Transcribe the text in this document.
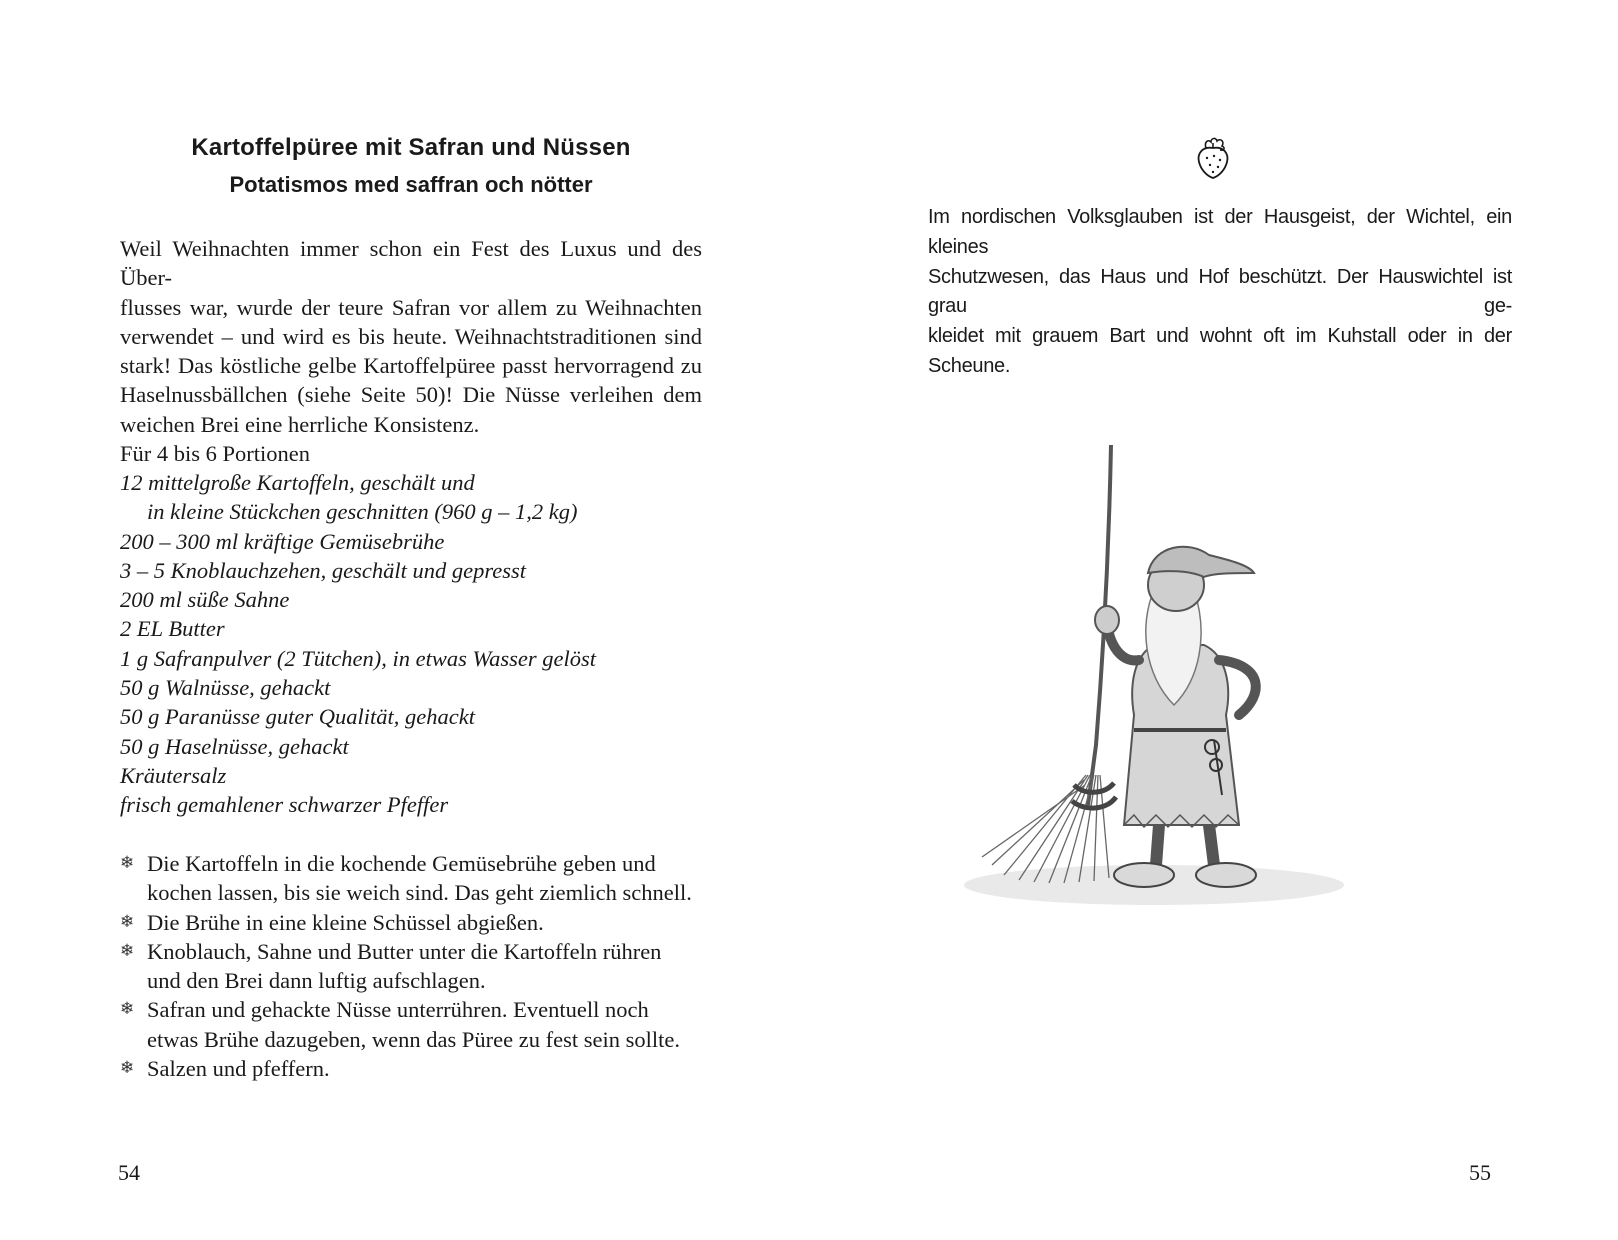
Kartoffelpüree mit Safran und Nüssen
Potatismos med saffran och nötter

Weil Weihnachten immer schon ein Fest des Luxus und des Über-
flusses war, wurde der teure Safran vor allem zu Weihnachten
verwendet – und wird es bis heute. Weihnachtstraditionen sind
stark! Das köstliche gelbe Kartoffelpüree passt hervorragend zu
Haselnussbällchen (siehe Seite 50)! Die Nüsse verleihen dem
weichen Brei eine herrliche Konsistenz.

Für 4 bis 6 Portionen

12 mittelgroße Kartoffeln, geschält und
in kleine Stückchen geschnitten (960 g – 1,2 kg)
200 – 300 ml kräftige Gemüsebrühe
3 – 5 Knoblauchzehen, geschält und gepresst
200 ml süße Sahne
2 EL Butter
1 g Safranpulver (2 Tütchen), in etwas Wasser gelöst
50 g Walnüsse, gehackt
50 g Paranüsse guter Qualität, gehackt
50 g Haselnüsse, gehackt
Kräutersalz
frisch gemahlener schwarzer Pfeffer
❄ Die Kartoffeln in die kochende Gemüsebrühe geben und
kochen lassen, bis sie weich sind. Das geht ziemlich schnell.
❄ Die Brühe in eine kleine Schüssel abgießen.
❄ Knoblauch, Sahne und Butter unter die Kartoffeln rühren
und den Brei dann luftig aufschlagen.
❄ Safran und gehackte Nüsse unterrühren. Eventuell noch
etwas Brühe dazugeben, wenn das Püree zu fest sein sollte.
❄ Salzen und pfeffern.

54

Im nordischen Volksglauben ist der Hausgeist, der Wichtel, ein kleines
Schutzwesen, das Haus und Hof beschützt. Der Hauswichtel ist grau ge-
kleidet mit grauem Bart und wohnt oft im Kuhstall oder in der Scheune.

55
